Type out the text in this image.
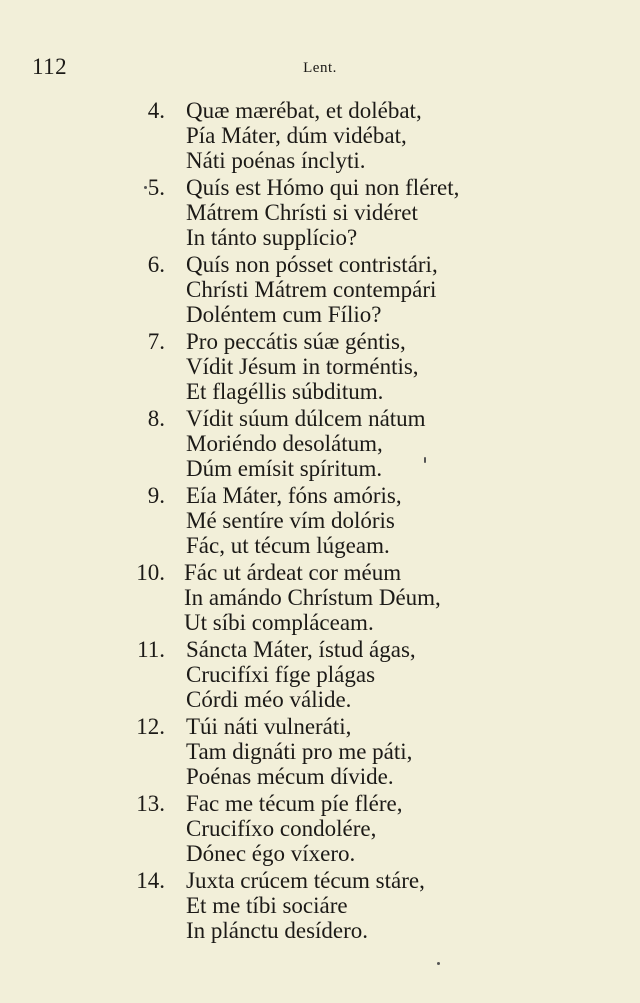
112	Lent.
4. Quæ mærébat, et dolébat,
Pía Máter, dúm vidébat,
Náti poénas ínclyti.
5. Quís est Hómo qui non fléret,
Mátrem Chrísti si vidéret
In tánto supplício?
6. Quís non pósset contristári,
Chrísti Mátrem contempári
Doléntem cum Fílio?
7. Pro peccátis súæ géntis,
Vídit Jésum in torméntis,
Et flagéllis súbditum.
8. Vídit súum dúlcem nátum
Moriéndo desolátum,
Dúm emísit spíritum.
9. Eía Máter, fóns amóris,
Mé sentíre vím dolóris
Fác, ut técum lúgeam.
10. Fác ut árdeat cor méum
In amándo Chrístum Déum,
Ut síbi compláceam.
11. Sáncta Máter, ístud ágas,
Crucifíxi fíge plágas
Córdi méo válide.
12. Túi náti vulneráti,
Tam dignáti pro me páti,
Poénas mécum dívide.
13. Fac me técum píe flére,
Crucifíxo condolére,
Dónec égo víxero.
14. Juxta crúcem técum stáre,
Et me tíbi sociáre
In plánctu desídero.
